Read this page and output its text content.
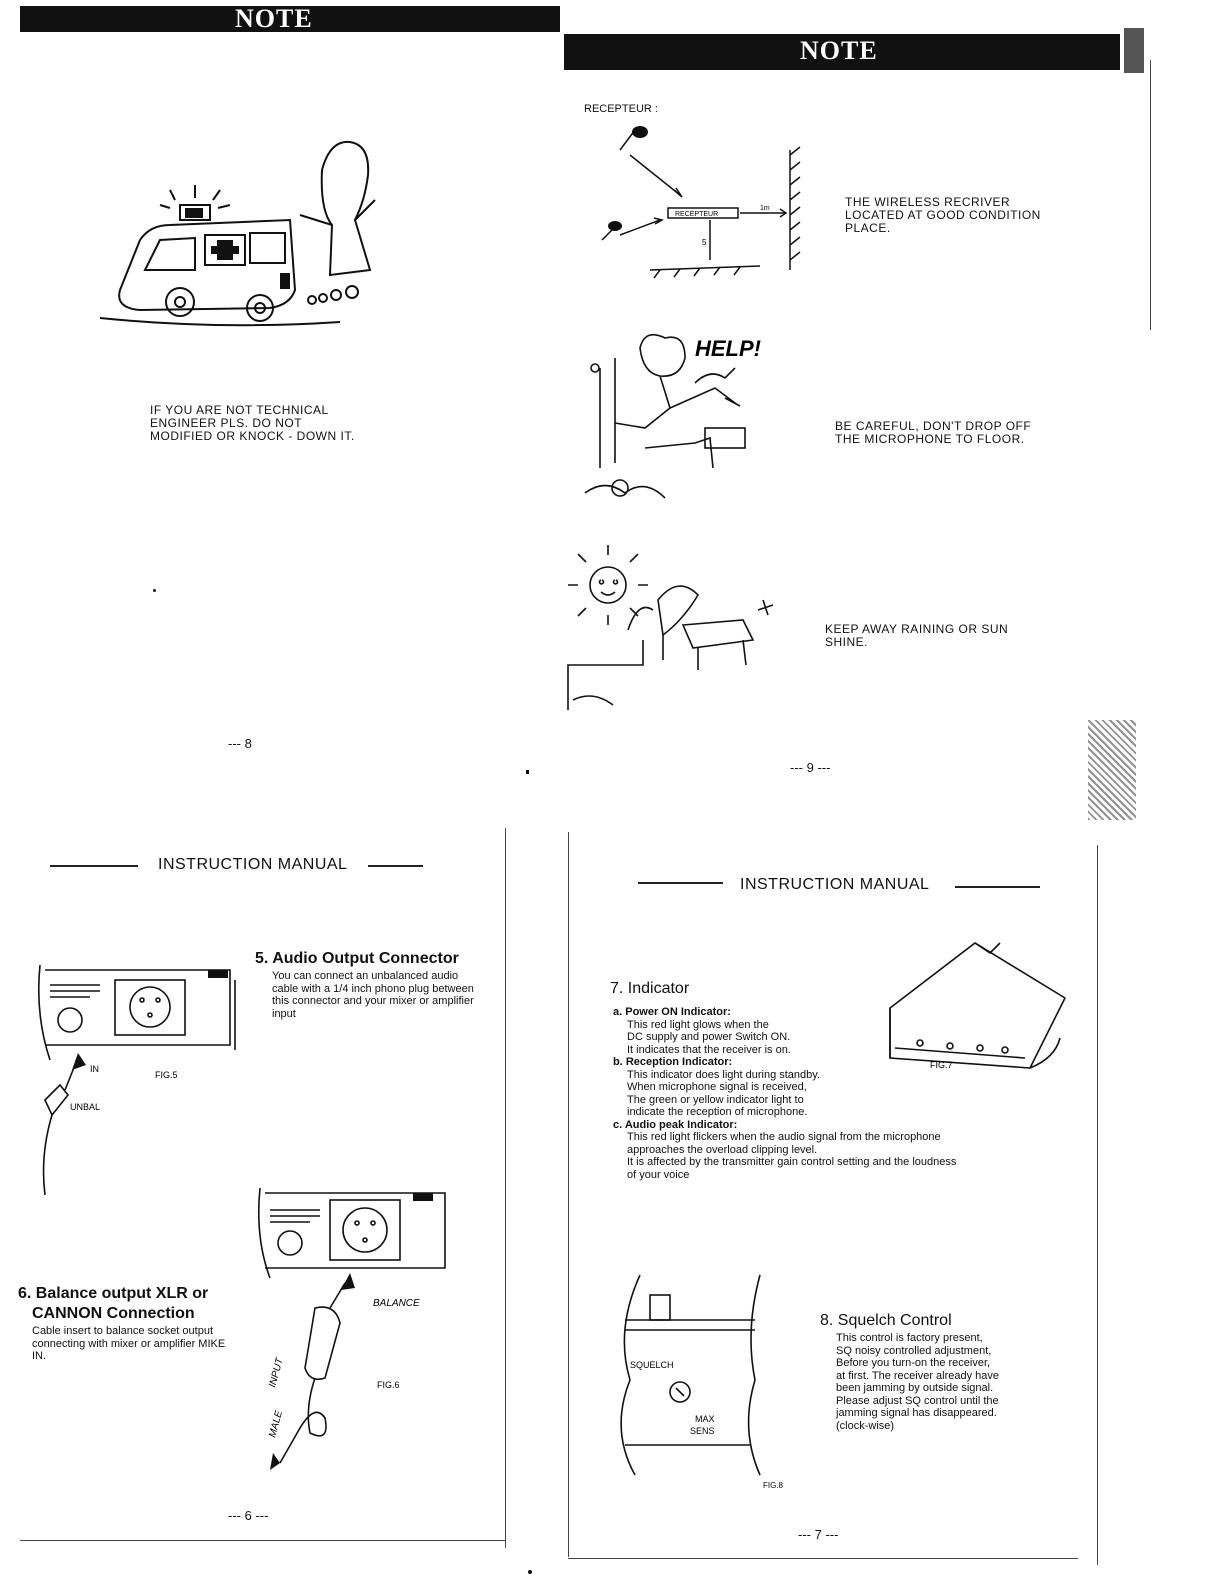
NOTE
IF YOU ARE NOT TECHNICAL ENGINEER PLS. DO NOT MODIFIED OR KNOCK - DOWN IT.
--- 8
NOTE
RECEPTEUR :
RECEPTEUR
1m
5
THE WIRELESS RECRIVER LOCATED AT GOOD CONDITION PLACE.
HELP!
BE CAREFUL, DON'T DROP OFF THE MICROPHONE TO FLOOR.
KEEP AWAY RAINING OR SUN SHINE.
--- 9 ---
INSTRUCTION MANUAL
IN
FIG.5
UNBAL
5. Audio Output Connector
You can connect an unbalanced audio cable with a 1/4 inch phono plug between this connector and your mixer or amplifier input
BALANCE
FIG.6
INPUT
MALE
6. Balance output XLR or
CANNON Connection
Cable insert to balance socket output connecting with mixer or amplifier MIKE IN.
--- 6 ---
INSTRUCTION MANUAL
7. Indicator
a. Power ON Indicator:
This red light glows when the
DC supply and power Switch ON.
It indicates that the receiver is on.
b. Reception Indicator:
This indicator does light during standby.
When microphone signal is received,
The green or yellow indicator light to
indicate the reception of microphone.
c. Audio peak Indicator:
This red light flickers when the audio signal from the microphone
approaches the overload clipping level.
It is affected by the transmitter gain control setting and the loudness
of your voice
FIG.7
SQUELCH
MAX
SENS
FIG.8
8. Squelch Control
This control is factory present,
SQ noisy controlled adjustment,
Before you turn-on the receiver,
at first. The receiver already have
been jamming by outside signal.
Please adjust SQ control until the
jamming signal has disappeared.
(clock-wise)
--- 7 ---
